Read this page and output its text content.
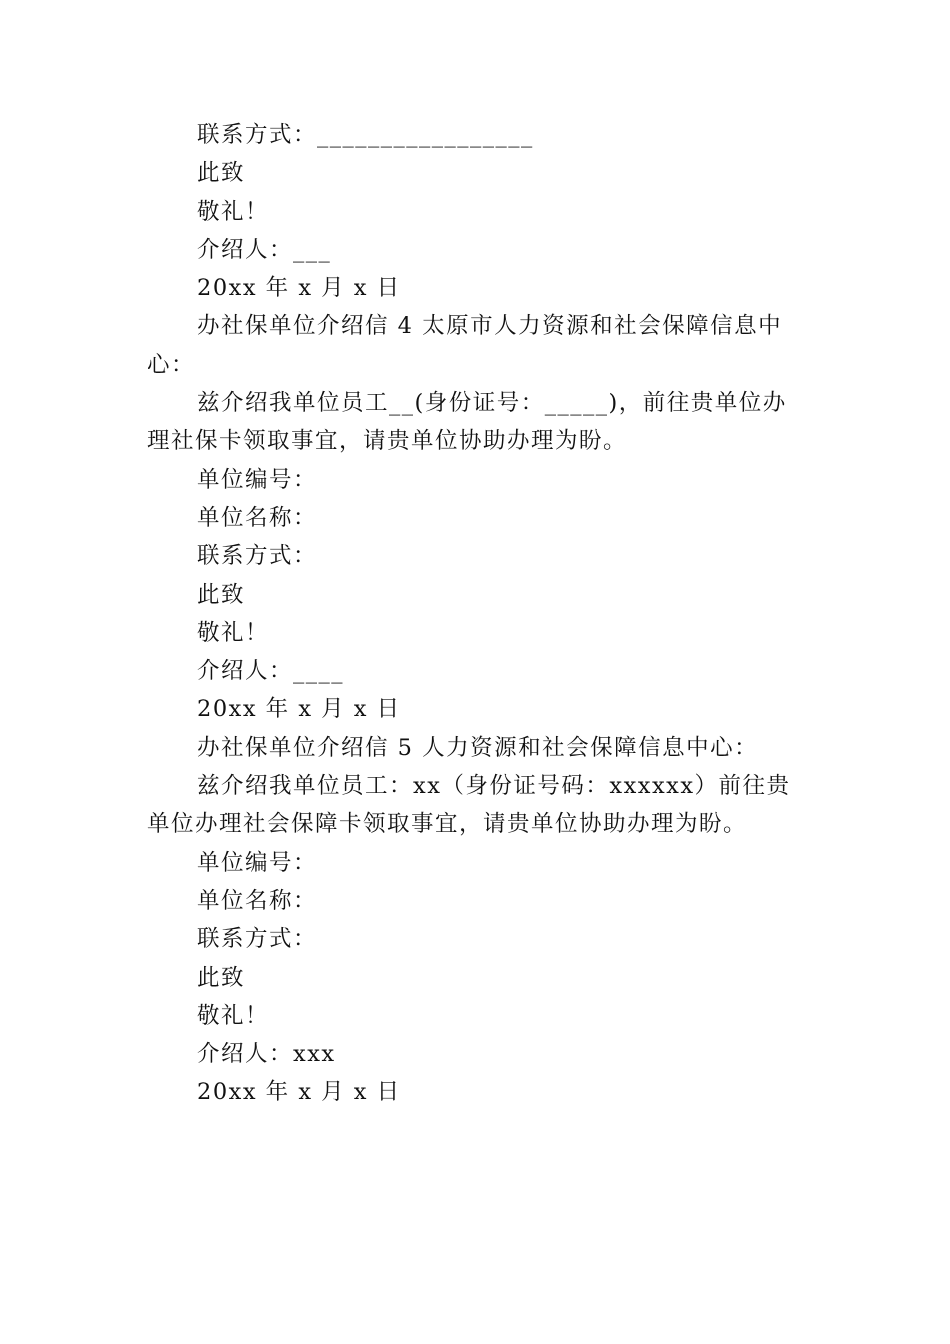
联系方式：_________________
此致
敬礼！
介绍人：___
20xx 年 x 月 x 日
办社保单位介绍信 4 太原市人力资源和社会保障信息中心：
兹介绍我单位员工__(身份证号：_____)，前往贵单位办理社保卡领取事宜，请贵单位协助办理为盼。
单位编号：
单位名称：
联系方式：
此致
敬礼！
介绍人：____
20xx 年 x 月 x 日
办社保单位介绍信 5 人力资源和社会保障信息中心：
兹介绍我单位员工：xx（身份证号码：xxxxxx）前往贵单位办理社会保障卡领取事宜，请贵单位协助办理为盼。
单位编号：
单位名称：
联系方式：
此致
敬礼！
介绍人：xxx
20xx 年 x 月 x 日
